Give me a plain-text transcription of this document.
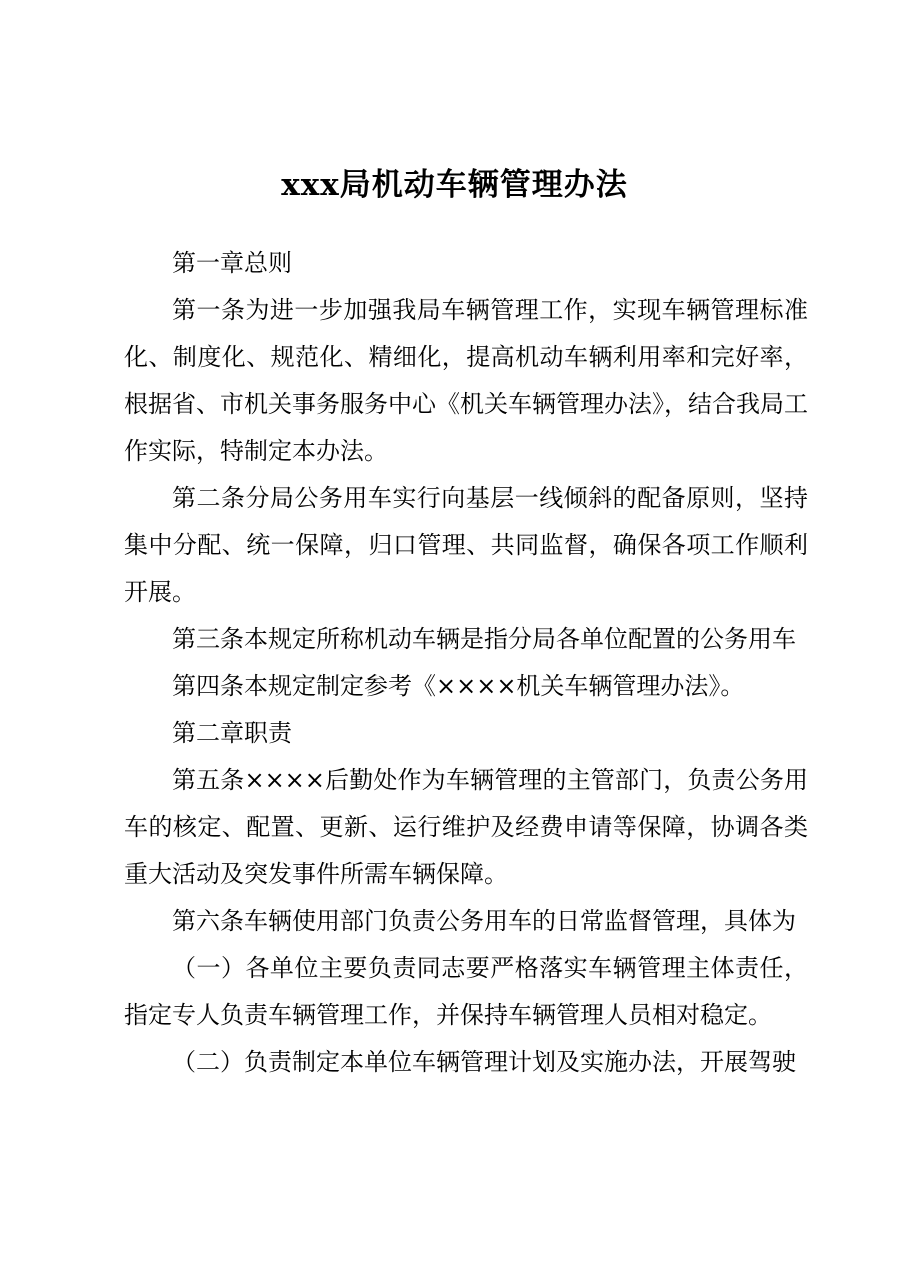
xxx局机动车辆管理办法

第一章总则

第一条为进一步加强我局车辆管理工作，实现车辆管理标准化、制度化、规范化、精细化，提高机动车辆利用率和完好率，根据省、市机关事务服务中心《机关车辆管理办法》，结合我局工作实际，特制定本办法。

第二条分局公务用车实行向基层一线倾斜的配备原则，坚持集中分配、统一保障，归口管理、共同监督，确保各项工作顺利开展。

第三条本规定所称机动车辆是指分局各单位配置的公务用车

第四条本规定制定参考《××××机关车辆管理办法》。

第二章职责

第五条××××后勤处作为车辆管理的主管部门，负责公务用车的核定、配置、更新、运行维护及经费申请等保障，协调各类重大活动及突发事件所需车辆保障。

第六条车辆使用部门负责公务用车的日常监督管理，具体为

（一）各单位主要负责同志要严格落实车辆管理主体责任，指定专人负责车辆管理工作，并保持车辆管理人员相对稳定。

（二）负责制定本单位车辆管理计划及实施办法，开展驾驶
